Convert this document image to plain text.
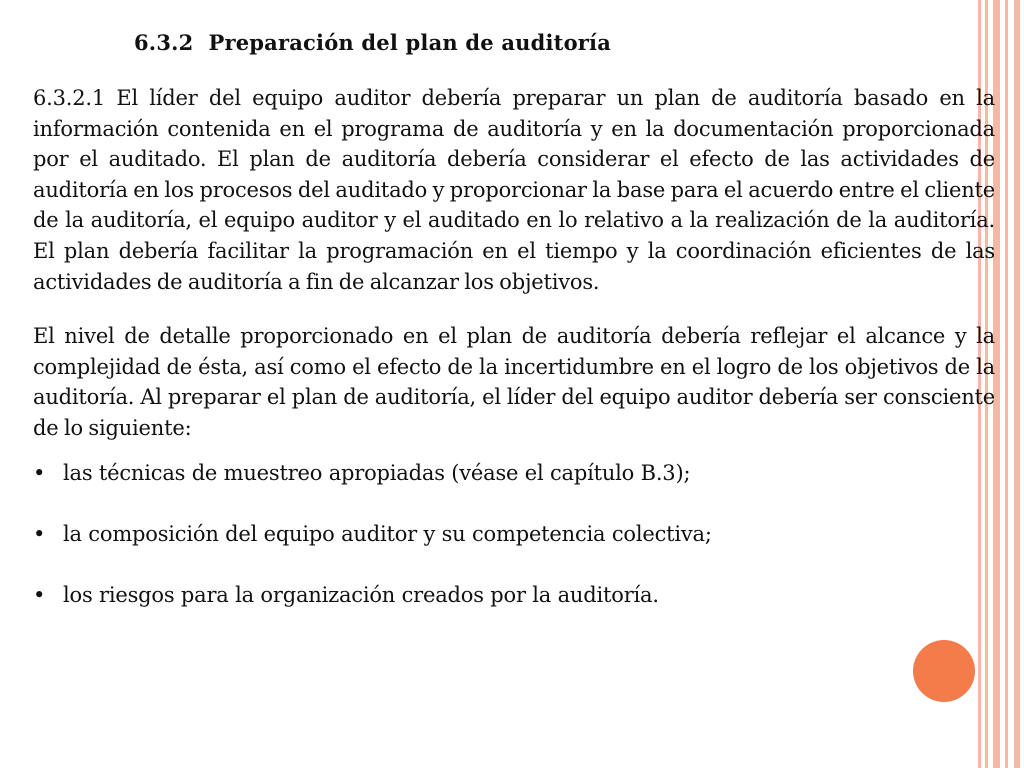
6.3.2  Preparación del plan de auditoría

6.3.2.1 El líder del equipo auditor debería preparar un plan de auditoría basado en la información contenida en el programa de auditoría y en la documentación proporcionada por el auditado. El plan de auditoría debería considerar el efecto de las actividades de auditoría en los procesos del auditado y proporcionar la base para el acuerdo entre el cliente de la auditoría, el equipo auditor y el auditado en lo relativo a la realización de la auditoría. El plan debería facilitar la programación en el tiempo y la coordinación eficientes de las actividades de auditoría a fin de alcanzar los objetivos.

El nivel de detalle proporcionado en el plan de auditoría debería reflejar el alcance y la complejidad de ésta, así como el efecto de la incertidumbre en el logro de los objetivos de la auditoría. Al preparar el plan de auditoría, el líder del equipo auditor debería ser consciente de lo siguiente:

• las técnicas de muestreo apropiadas (véase el capítulo B.3);
• la composición del equipo auditor y su competencia colectiva;
• los riesgos para la organización creados por la auditoría.
